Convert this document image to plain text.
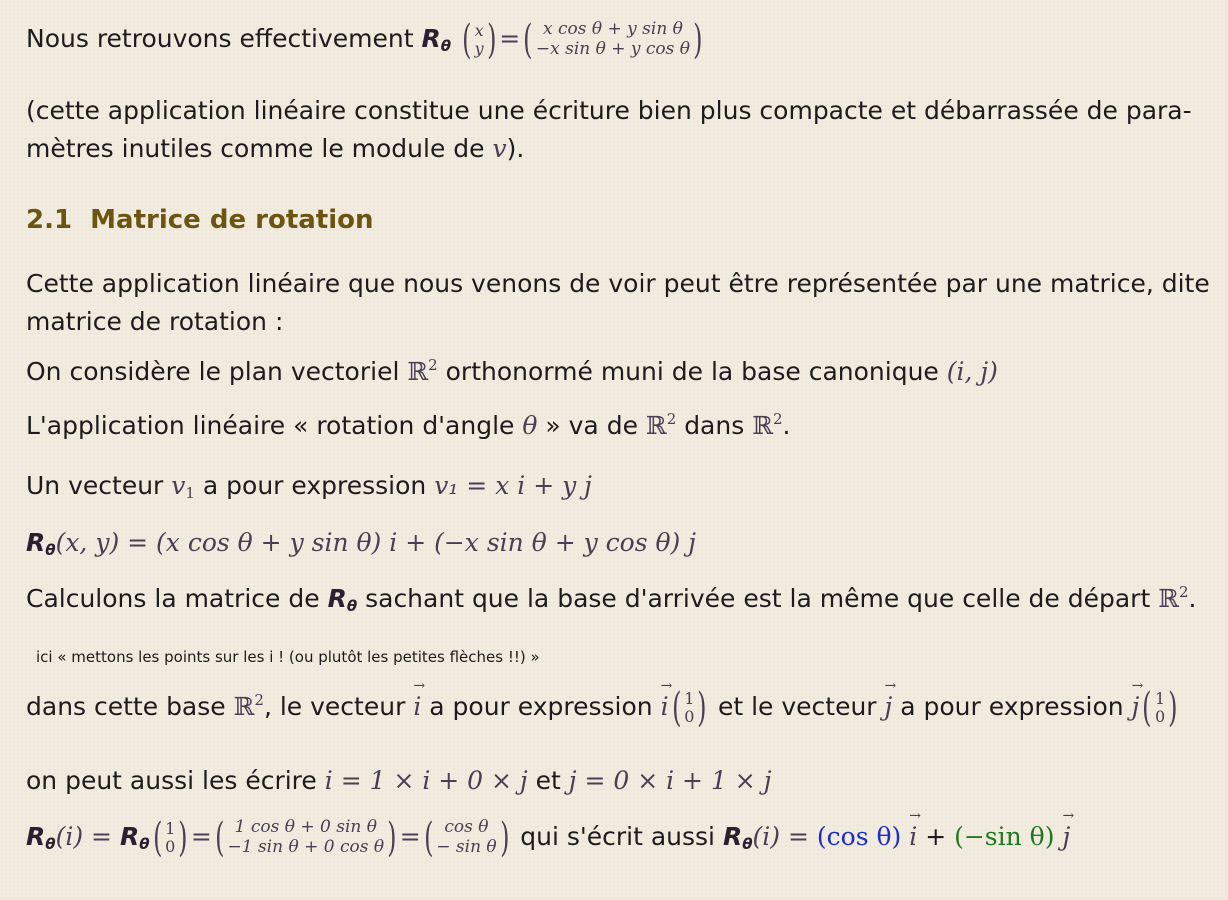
Nous retrouvons effectivement $R_\theta$ ( x
y ) =( x cos θ + y sin θ
−x sin θ + y cos θ )
(cette application linéaire constitue une écriture bien plus compacte et débarrassée de para-
mètres inutiles comme le module de v).
2.1 Matrice de rotation
Cette application linéaire que nous venons de voir peut être représentée par une matrice, dite
matrice de rotation :
On considère le plan vectoriel ℝ$^2$ orthonormé muni de la base canonique (i, j)
L'application linéaire « rotation d'angle θ » va de ℝ$^2$ dans ℝ$^2$.
Un vecteur $v_1$ a pour expression v₁ = x i + y j
$R_\theta(x$, y) = (x cos θ + y sin θ) i + (−x sin θ + y cos θ) j
Calculons la matrice de $R_\theta$ sachant que la base d'arrivée est la même que celle de départ ℝ$^2$.
ici « mettons les points sur les i ! (ou plutôt les petites flèches !!) »
dans cette base ℝ$^2$, le vecteur → i a pour expression → i( 1
0 ) et le vecteur → j a pour expression → j( 1
0 )
on peut aussi les écrire i = 1 × i + 0 × j et j = 0 × i + 1 × j
$R_\theta(i) = R_\theta$( 1
0 ) =( 1 cos θ + 0 sin θ
−1 sin θ + 0 cos θ ) =( cos θ
− sin θ ) qui s'écrit aussi $R_\theta(i) = (\cos$ θ) → i + (−sin θ) → j
